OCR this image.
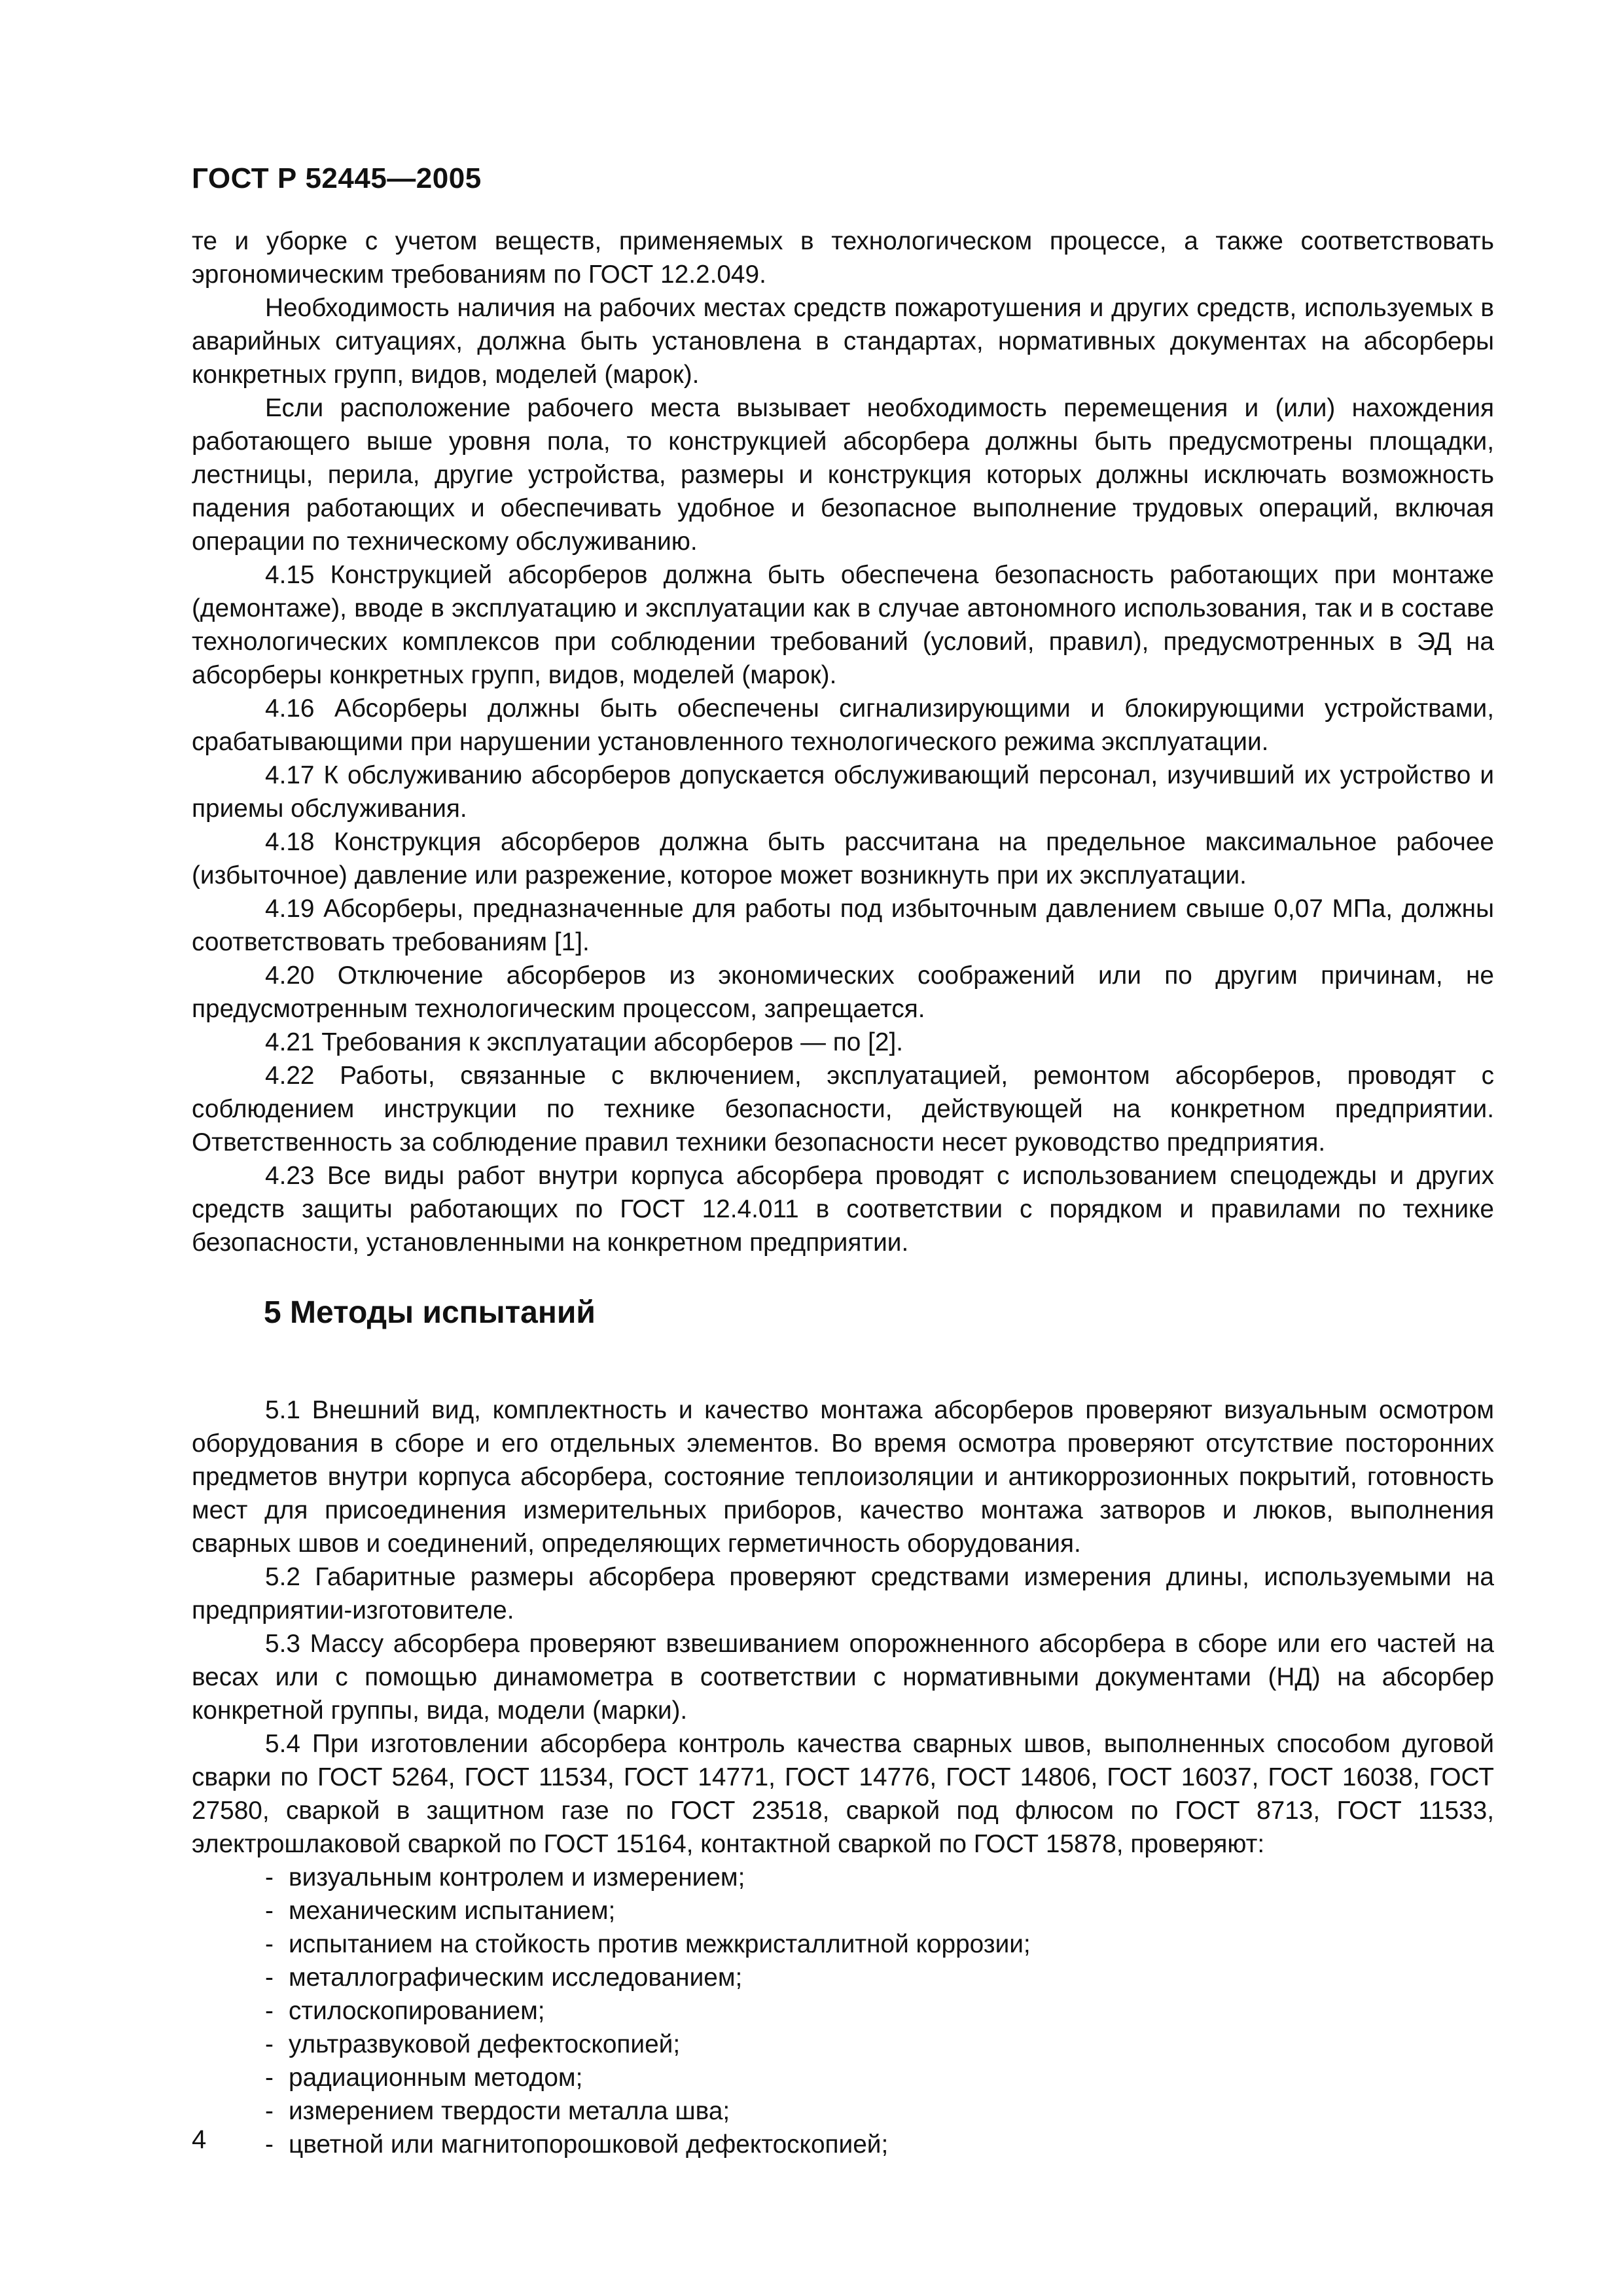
ГОСТ Р 52445—2005

те и уборке с учетом веществ, применяемых в технологическом процессе, а также соответствовать эргономическим требованиям по ГОСТ 12.2.049.

Необходимость наличия на рабочих местах средств пожаротушения и других средств, используемых в аварийных ситуациях, должна быть установлена в стандартах, нормативных документах на абсорберы конкретных групп, видов, моделей (марок).

Если расположение рабочего места вызывает необходимость перемещения и (или) нахождения работающего выше уровня пола, то конструкцией абсорбера должны быть предусмотрены площадки, лестницы, перила, другие устройства, размеры и конструкция которых должны исключать возможность падения работающих и обеспечивать удобное и безопасное выполнение трудовых операций, включая операции по техническому обслуживанию.

4.15 Конструкцией абсорберов должна быть обеспечена безопасность работающих при монтаже (демонтаже), вводе в эксплуатацию и эксплуатации как в случае автономного использования, так и в составе технологических комплексов при соблюдении требований (условий, правил), предусмотренных в ЭД на абсорберы конкретных групп, видов, моделей (марок).

4.16 Абсорберы должны быть обеспечены сигнализирующими и блокирующими устройствами, срабатывающими при нарушении установленного технологического режима эксплуатации.

4.17 К обслуживанию абсорберов допускается обслуживающий персонал, изучивший их устройство и приемы обслуживания.

4.18 Конструкция абсорберов должна быть рассчитана на предельное максимальное рабочее (избыточное) давление или разрежение, которое может возникнуть при их эксплуатации.

4.19 Абсорберы, предназначенные для работы под избыточным давлением свыше 0,07 МПа, должны соответствовать требованиям [1].

4.20 Отключение абсорберов из экономических соображений или по другим причинам, не предусмотренным технологическим процессом, запрещается.

4.21 Требования к эксплуатации абсорберов — по [2].

4.22 Работы, связанные с включением, эксплуатацией, ремонтом абсорберов, проводят с соблюдением инструкции по технике безопасности, действующей на конкретном предприятии. Ответственность за соблюдение правил техники безопасности несет руководство предприятия.

4.23 Все виды работ внутри корпуса абсорбера проводят с использованием спецодежды и других средств защиты работающих по ГОСТ 12.4.011 в соответствии с порядком и правилами по технике безопасности, установленными на конкретном предприятии.

5 Методы испытаний

5.1 Внешний вид, комплектность и качество монтажа абсорберов проверяют визуальным осмотром оборудования в сборе и его отдельных элементов. Во время осмотра проверяют отсутствие посторонних предметов внутри корпуса абсорбера, состояние теплоизоляции и антикоррозионных покрытий, готовность мест для присоединения измерительных приборов, качество монтажа затворов и люков, выполнения сварных швов и соединений, определяющих герметичность оборудования.

5.2 Габаритные размеры абсорбера проверяют средствами измерения длины, используемыми на предприятии-изготовителе.

5.3 Массу абсорбера проверяют взвешиванием опорожненного абсорбера в сборе или его частей на весах или с помощью динамометра в соответствии с нормативными документами (НД) на абсорбер конкретной группы, вида, модели (марки).

5.4 При изготовлении абсорбера контроль качества сварных швов, выполненных способом дуговой сварки по ГОСТ 5264, ГОСТ 11534, ГОСТ 14771, ГОСТ 14776, ГОСТ 14806, ГОСТ 16037, ГОСТ 16038, ГОСТ 27580, сваркой в защитном газе по ГОСТ 23518, сваркой под флюсом по ГОСТ 8713, ГОСТ 11533, электрошлаковой сваркой по ГОСТ 15164, контактной сваркой по ГОСТ 15878, проверяют:

- визуальным контролем и измерением;
- механическим испытанием;
- испытанием на стойкость против межкристаллитной коррозии;
- металлографическим исследованием;
- стилоскопированием;
- ультразвуковой дефектоскопией;
- радиационным методом;
- измерением твердости металла шва;
- цветной или магнитопорошковой дефектоскопией;
4
